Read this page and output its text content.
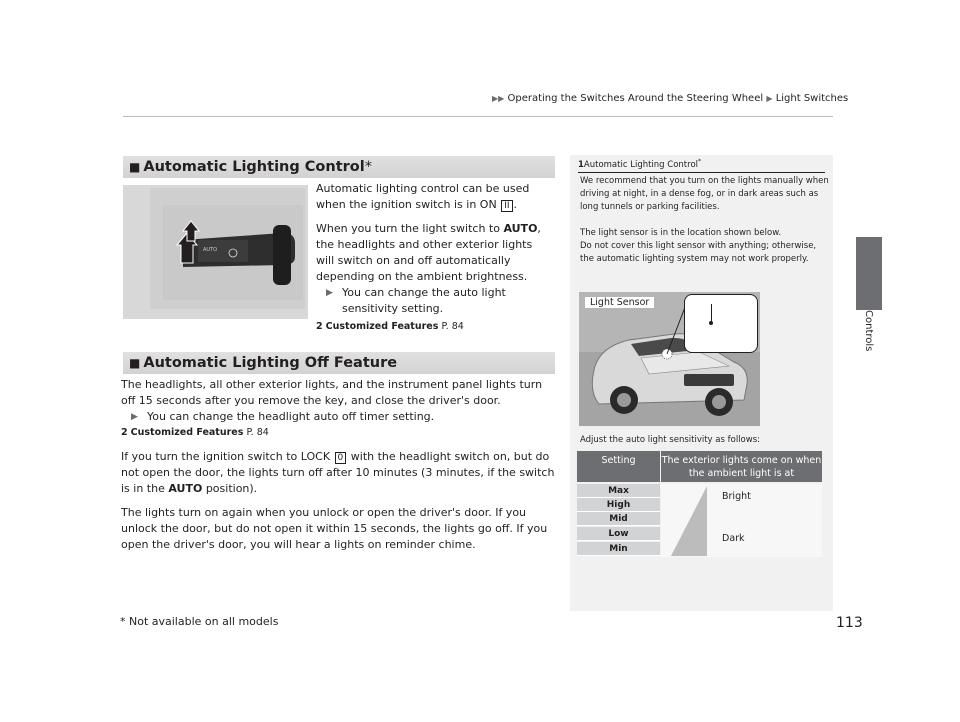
▶▶ Operating the Switches Around the Steering Wheel ▶ Light Switches
Controls
■ Automatic Lighting Control*
AUTO
Automatic lighting control can be used when the ignition switch is in ON II .
When you turn the light switch to AUTO, the headlights and other exterior lights will switch on and off automatically depending on the ambient brightness.
▶ You can change the auto light sensitivity setting.
2 Customized Features P. 84
■ Automatic Lighting Off Feature
The headlights, all other exterior lights, and the instrument panel lights turn off 15 seconds after you remove the key, and close the driver's door.
▶ You can change the headlight auto off timer setting.
2 Customized Features P. 84
If you turn the ignition switch to LOCK 0 with the headlight switch on, but do not open the door, the lights turn off after 10 minutes (3 minutes, if the switch is in the AUTO position).
The lights turn on again when you unlock or open the driver's door. If you unlock the door, but do not open it within 15 seconds, the lights go off. If you open the driver's door, you will hear a lights on reminder chime.
1Automatic Lighting Control*
We recommend that you turn on the lights manually when driving at night, in a dense fog, or in dark areas such as long tunnels or parking facilities.
The light sensor is in the location shown below.
Do not cover this light sensor with anything; otherwise, the automatic lighting system may not work properly.
Light Sensor
Adjust the auto light sensitivity as follows:
Setting	The exterior lights come on when the ambient light is at
Max
High
Mid
Low
Min
Bright
Dark
* Not available on all models	113
